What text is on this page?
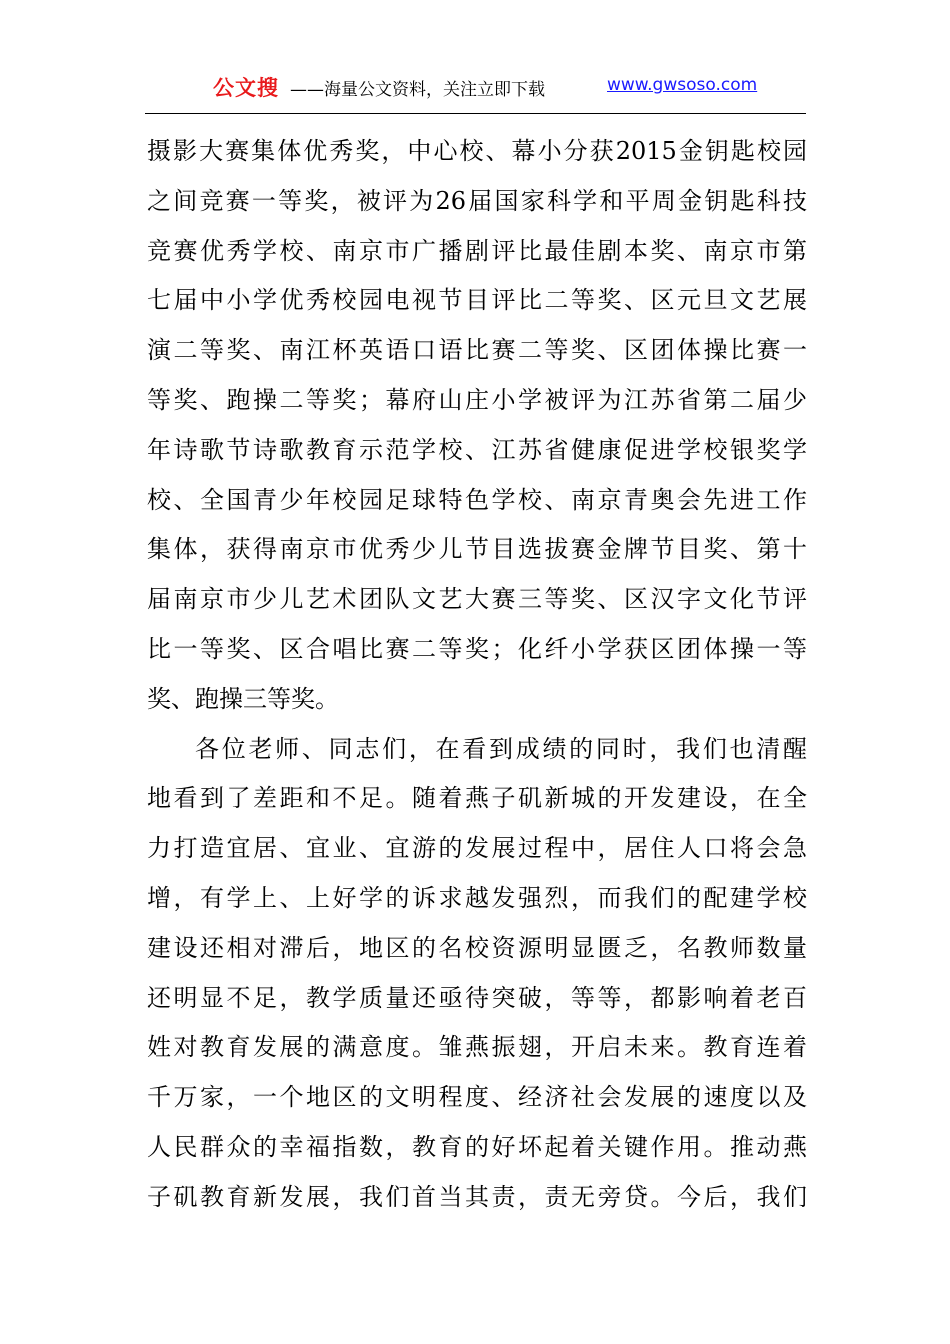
公文搜 ——海量公文资料，关注立即下载	www.gwsoso.com
摄影大赛集体优秀奖，中心校、幕小分获2015金钥匙校园
之间竞赛一等奖，被评为26届国家科学和平周金钥匙科技
竞赛优秀学校、南京市广播剧评比最佳剧本奖、南京市第
七届中小学优秀校园电视节目评比二等奖、区元旦文艺展
演二等奖、南江杯英语口语比赛二等奖、区团体操比赛一
等奖、跑操二等奖；幕府山庄小学被评为江苏省第二届少
年诗歌节诗歌教育示范学校、江苏省健康促进学校银奖学
校、全国青少年校园足球特色学校、南京青奥会先进工作
集体，获得南京市优秀少儿节目选拔赛金牌节目奖、第十
届南京市少儿艺术团队文艺大赛三等奖、区汉字文化节评
比一等奖、区合唱比赛二等奖；化纤小学获区团体操一等
奖、跑操三等奖。
各位老师、同志们，在看到成绩的同时，我们也清醒
地看到了差距和不足。随着燕子矶新城的开发建设，在全
力打造宜居、宜业、宜游的发展过程中，居住人口将会急
增，有学上、上好学的诉求越发强烈，而我们的配建学校
建设还相对滞后，地区的名校资源明显匮乏，名教师数量
还明显不足，教学质量还亟待突破，等等，都影响着老百
姓对教育发展的满意度。雏燕振翅，开启未来。教育连着
千万家，一个地区的文明程度、经济社会发展的速度以及
人民群众的幸福指数，教育的好坏起着关键作用。推动燕
子矶教育新发展，我们首当其责，责无旁贷。今后，我们
